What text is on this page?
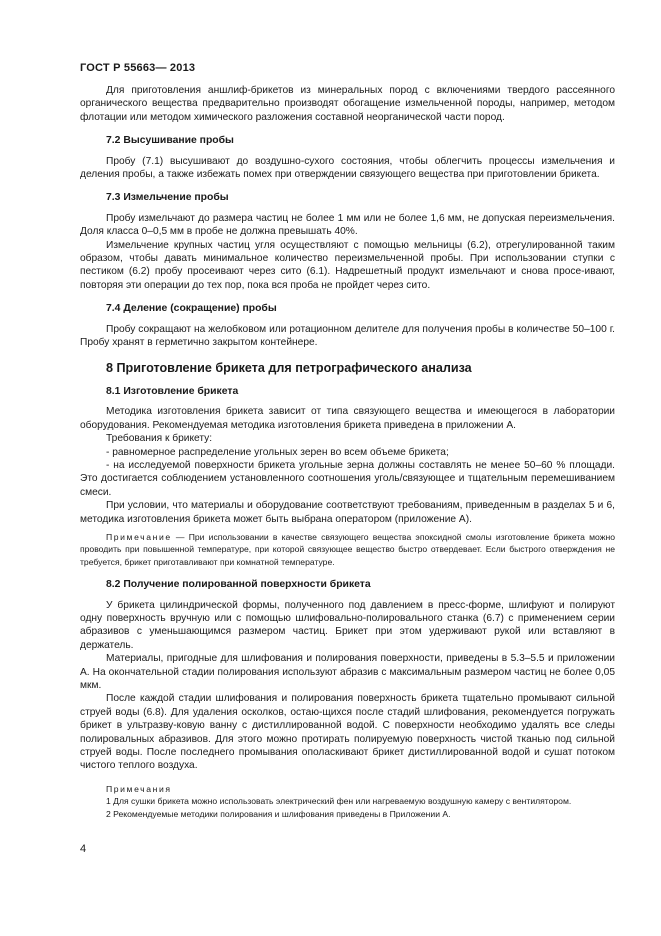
ГОСТ Р 55663— 2013

Для приготовления аншлиф-брикетов из минеральных пород с включениями твердого рассеянного органического вещества предварительно производят обогащение измельченной породы, например, методом флотации или методом химического разложения составной неорганической части пород.

7.2 Высушивание пробы

Пробу (7.1) высушивают до воздушно-сухого состояния, чтобы облегчить процессы измельчения и деления пробы, а также избежать помех при отверждении связующего вещества при приготовлении брикета.

7.3 Измельчение пробы

Пробу измельчают до размера частиц не более 1 мм или не более 1,6 мм, не допуская переизмельчения. Доля класса 0–0,5 мм в пробе не должна превышать 40%.

Измельчение крупных частиц угля осуществляют с помощью мельницы (6.2), отрегулированной таким образом, чтобы давать минимальное количество переизмельченной пробы. При использовании ступки с пестиком (6.2) пробу просеивают через сито (6.1). Надрешетный продукт измельчают и снова просе-ивают, повторяя эти операции до тех пор, пока вся проба не пройдет через сито.

7.4 Деление (сокращение) пробы

Пробу сокращают на желобковом или ротационном делителе для получения пробы в количестве 50–100 г. Пробу хранят в герметично закрытом контейнере.

8 Приготовление брикета для петрографического анализа
8.1 Изготовление брикета

Методика изготовления брикета зависит от типа связующего вещества и имеющегося в лаборатории оборудования. Рекомендуемая методика изготовления брикета приведена в приложении А.

Требования к брикету:

- равномерное распределение угольных зерен во всем объеме брикета;

- на исследуемой поверхности брикета угольные зерна должны составлять не менее 50–60 % площади. Это достигается соблюдением установленного соотношения уголь/связующее и тщательным перемешиванием смеси.

При условии, что материалы и оборудование соответствуют требованиям, приведенным в разделах 5 и 6, методика изготовления брикета может быть выбрана оператором (приложение А).

Примечание — При использовании в качестве связующего вещества эпоксидной смолы изготовление брикета можно проводить при повышенной температуре, при которой связующее вещество быстро отвердевает. Если быстрого отверждения не требуется, брикет приготавливают при комнатной температуре.

8.2 Получение полированной поверхности брикета

У брикета цилиндрической формы, полученного под давлением в пресс-форме, шлифуют и полируют одну поверхность вручную или с помощью шлифовально-полировального станка (6.7) с применением серии абразивов с уменьшающимся размером частиц. Брикет при этом удерживают рукой или вставляют в держатель.

Материалы, пригодные для шлифования и полирования поверхности, приведены в 5.3–5.5 и приложении А. На окончательной стадии полирования используют абразив с максимальным размером частиц не более 0,05 мкм.

После каждой стадии шлифования и полирования поверхность брикета тщательно промывают сильной струей воды (6.8). Для удаления осколков, остаю-щихся после стадий шлифования, рекомендуется погружать брикет в ультразву-ковую ванну с дистиллированной водой. С поверхности необходимо удалять все следы полировальных абразивов. Для этого можно протирать полируемую поверхность чистой тканью под сильной струей воды. После последнего промывания ополаскивают брикет дистиллированной водой и сушат потоком чистого теплого воздуха.

Примечания

1 Для сушки брикета можно использовать электрический фен или нагреваемую воздушную камеру с вентилятором.

2 Рекомендуемые методики полирования и шлифования приведены в Приложении А.

4
